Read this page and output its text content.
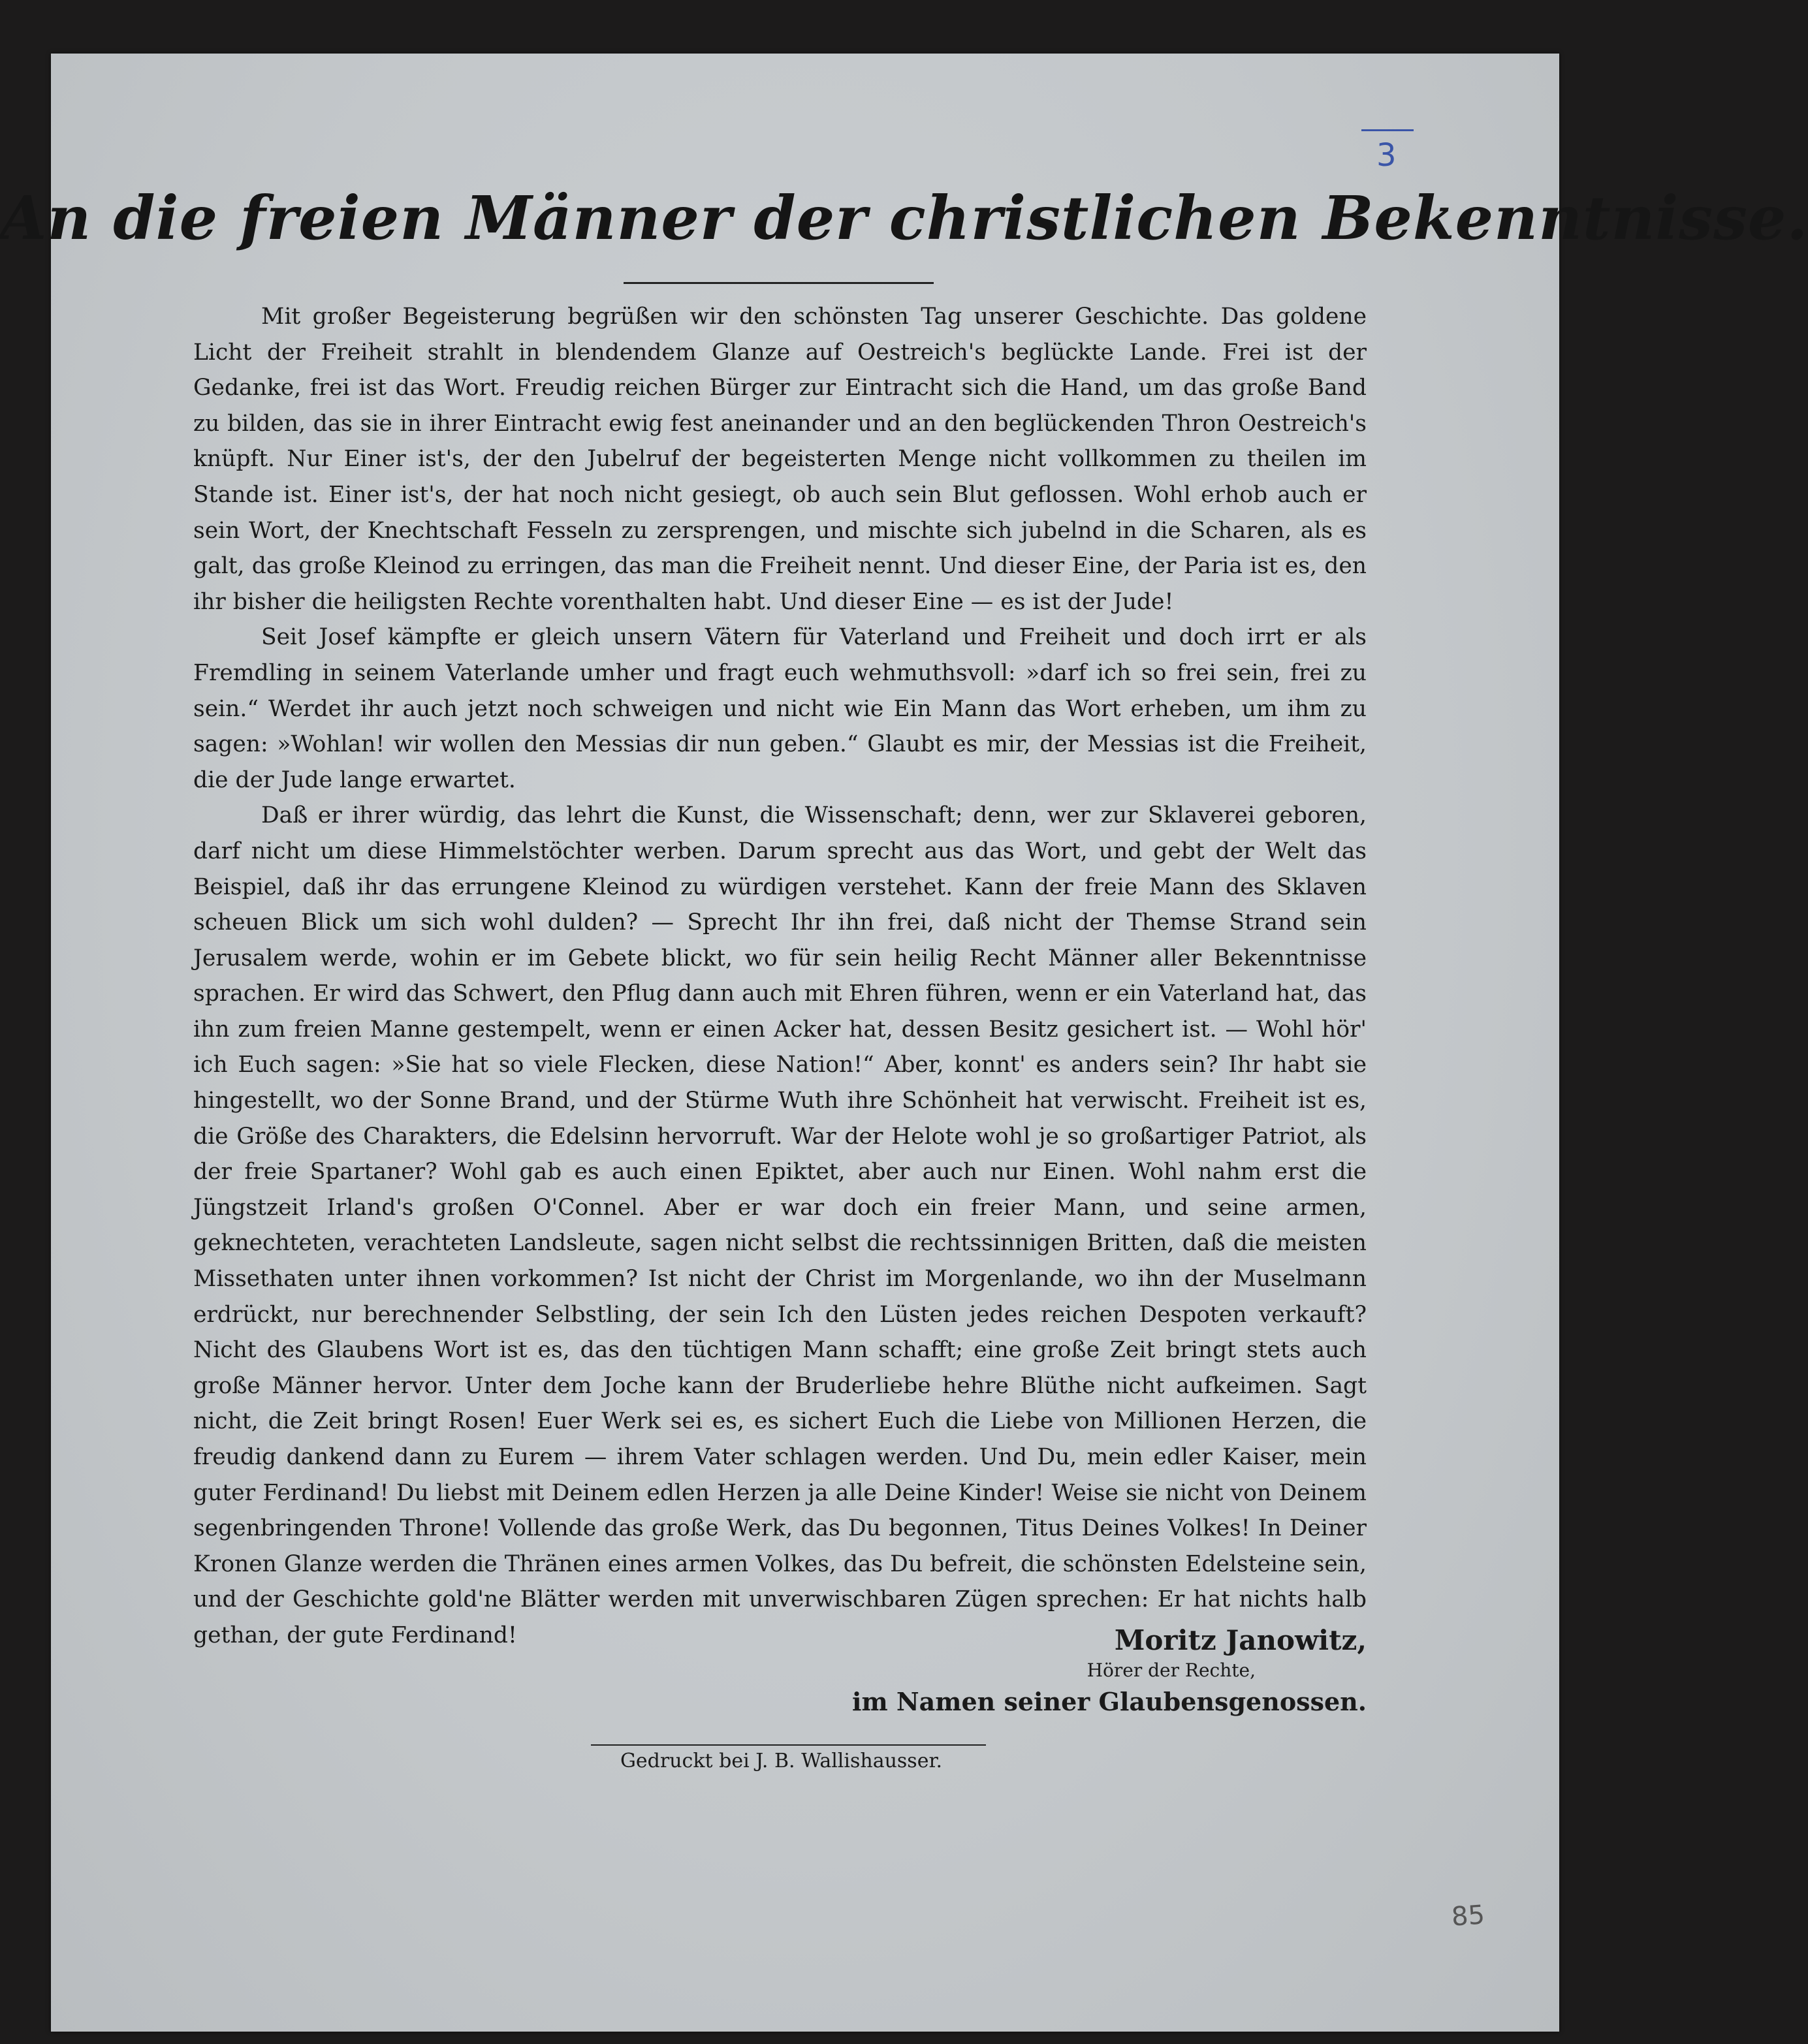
3
An die freien Männer der christlichen Bekenntnisse.

Mit großer Begeisterung begrüßen wir den schönsten Tag unserer Geschichte. Das goldene Licht der Freiheit strahlt in blendendem Glanze auf Oestreich's beglückte Lande. Frei ist der Gedanke, frei ist das Wort. Freudig reichen Bürger zur Eintracht sich die Hand, um das große Band zu bilden, das sie in ihrer Eintracht ewig fest aneinander und an den beglückenden Thron Oestreich's knüpft. Nur Einer ist's, der den Jubelruf der begeisterten Menge nicht vollkommen zu theilen im Stande ist. Einer ist's, der hat noch nicht gesiegt, ob auch sein Blut geflossen. Wohl erhob auch er sein Wort, der Knechtschaft Fesseln zu zersprengen, und mischte sich jubelnd in die Scharen, als es galt, das große Kleinod zu erringen, das man die Freiheit nennt. Und dieser Eine, der Paria ist es, den ihr bisher die heiligsten Rechte vorenthalten habt. Und dieser Eine — es ist der Jude!

Seit Josef kämpfte er gleich unsern Vätern für Vaterland und Freiheit und doch irrt er als Fremdling in seinem Vaterlande umher und fragt euch wehmuthsvoll: »darf ich so frei sein, frei zu sein.“ Werdet ihr auch jetzt noch schweigen und nicht wie Ein Mann das Wort erheben, um ihm zu sagen: »Wohlan! wir wollen den Messias dir nun geben.“ Glaubt es mir, der Messias ist die Freiheit, die der Jude lange erwartet.

Daß er ihrer würdig, das lehrt die Kunst, die Wissenschaft; denn, wer zur Sklaverei geboren, darf nicht um diese Himmelstöchter werben. Darum sprecht aus das Wort, und gebt der Welt das Beispiel, daß ihr das errungene Kleinod zu würdigen verstehet. Kann der freie Mann des Sklaven scheuen Blick um sich wohl dulden? — Sprecht Ihr ihn frei, daß nicht der Themse Strand sein Jerusalem werde, wohin er im Gebete blickt, wo für sein heilig Recht Männer aller Bekenntnisse sprachen. Er wird das Schwert, den Pflug dann auch mit Ehren führen, wenn er ein Vaterland hat, das ihn zum freien Manne gestempelt, wenn er einen Acker hat, dessen Besitz gesichert ist. — Wohl hör' ich Euch sagen: »Sie hat so viele Flecken, diese Nation!“ Aber, konnt' es anders sein? Ihr habt sie hingestellt, wo der Sonne Brand, und der Stürme Wuth ihre Schönheit hat verwischt. Freiheit ist es, die Größe des Charakters, die Edelsinn hervorruft. War der Helote wohl je so großartiger Patriot, als der freie Spartaner? Wohl gab es auch einen Epiktet, aber auch nur Einen. Wohl nahm erst die Jüngstzeit Irland's großen O'Connel. Aber er war doch ein freier Mann, und seine armen, geknechteten, verachteten Landsleute, sagen nicht selbst die rechtssinnigen Britten, daß die meisten Missethaten unter ihnen vorkommen? Ist nicht der Christ im Morgenlande, wo ihn der Muselmann erdrückt, nur berechnender Selbstling, der sein Ich den Lüsten jedes reichen Despoten verkauft? Nicht des Glaubens Wort ist es, das den tüchtigen Mann schafft; eine große Zeit bringt stets auch große Männer hervor. Unter dem Joche kann der Bruderliebe hehre Blüthe nicht aufkeimen. Sagt nicht, die Zeit bringt Rosen! Euer Werk sei es, es sichert Euch die Liebe von Millionen Herzen, die freudig dankend dann zu Eurem — ihrem Vater schlagen werden. Und Du, mein edler Kaiser, mein guter Ferdinand! Du liebst mit Deinem edlen Herzen ja alle Deine Kinder! Weise sie nicht von Deinem segenbringenden Throne! Vollende das große Werk, das Du begonnen, Titus Deines Volkes! In Deiner Kronen Glanze werden die Thränen eines armen Volkes, das Du befreit, die schönsten Edelsteine sein, und der Geschichte gold'ne Blätter werden mit unverwischbaren Zügen sprechen: Er hat nichts halb gethan, der gute Ferdinand!	Moritz Janowitz,
Hörer der Rechte,
im Namen seiner Glaubensgenossen.
Gedruckt bei J. B. Wallishausser.
85
